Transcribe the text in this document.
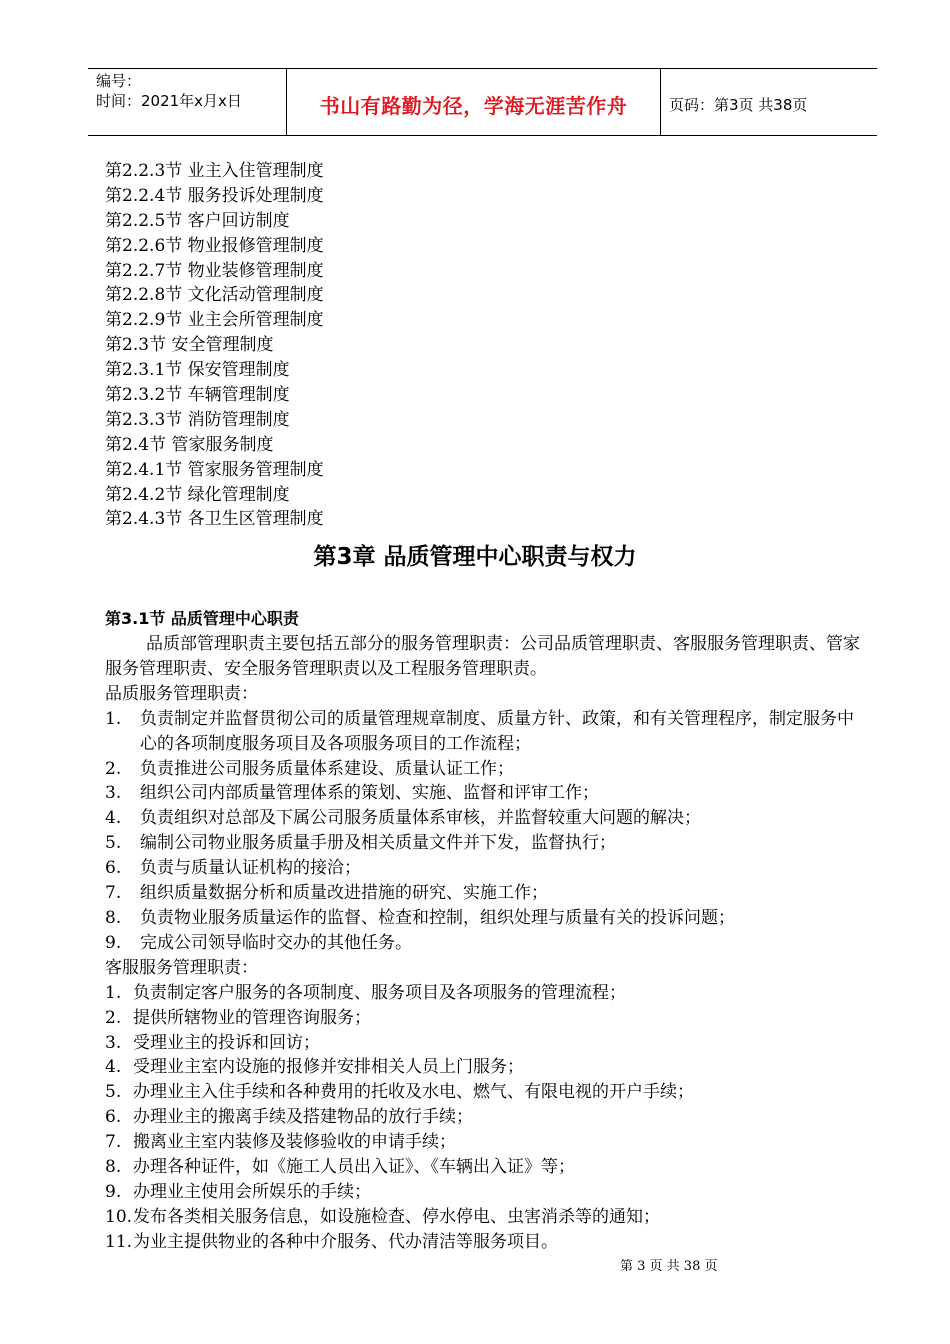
编号：
时间：2021年x月x日	书山有路勤为径，学海无涯苦作舟	页码：第3页 共38页
第2.2.3节 业主入住管理制度
第2.2.4节 服务投诉处理制度
第2.2.5节 客户回访制度
第2.2.6节 物业报修管理制度
第2.2.7节 物业装修管理制度
第2.2.8节 文化活动管理制度
第2.2.9节 业主会所管理制度
第2.3节 安全管理制度
第2.3.1节 保安管理制度
第2.3.2节 车辆管理制度
第2.3.3节 消防管理制度
第2.4节 管家服务制度
第2.4.1节 管家服务管理制度
第2.4.2节 绿化管理制度
第2.4.3节 各卫生区管理制度
第3章 品质管理中心职责与权力
第3.1节 品质管理中心职责

品质部管理职责主要包括五部分的服务管理职责：公司品质管理职责、客服服务管理职责、管家服务管理职责、安全服务管理职责以及工程服务管理职责。

品质服务管理职责：

1.	负责制定并监督贯彻公司的质量管理规章制度、质量方针、政策，和有关管理程序，制定服务中心的各项制度服务项目及各项服务项目的工作流程；
2.	负责推进公司服务质量体系建设、质量认证工作；
3.	组织公司内部质量管理体系的策划、实施、监督和评审工作；
4.	负责组织对总部及下属公司服务质量体系审核，并监督较重大问题的解决；
5.	编制公司物业服务质量手册及相关质量文件并下发，监督执行；
6.	负责与质量认证机构的接洽；
7.	组织质量数据分析和质量改进措施的研究、实施工作；
8.	负责物业服务质量运作的监督、检查和控制，组织处理与质量有关的投诉问题；
9.	完成公司领导临时交办的其他任务。

客服服务管理职责：

1. 负责制定客户服务的各项制度、服务项目及各项服务的管理流程；
2. 提供所辖物业的管理咨询服务；
3. 受理业主的投诉和回访；
4. 受理业主室内设施的报修并安排相关人员上门服务；
5. 办理业主入住手续和各种费用的托收及水电、燃气、有限电视的开户手续；
6. 办理业主的搬离手续及搭建物品的放行手续；
7. 搬离业主室内装修及装修验收的申请手续；
8. 办理各种证件，如《施工人员出入证》、《车辆出入证》等；
9. 办理业主使用会所娱乐的手续；
10. 发布各类相关服务信息，如设施检查、停水停电、虫害消杀等的通知；
11. 为业主提供物业的各种中介服务、代办清洁等服务项目。
第 3 页 共 38 页
